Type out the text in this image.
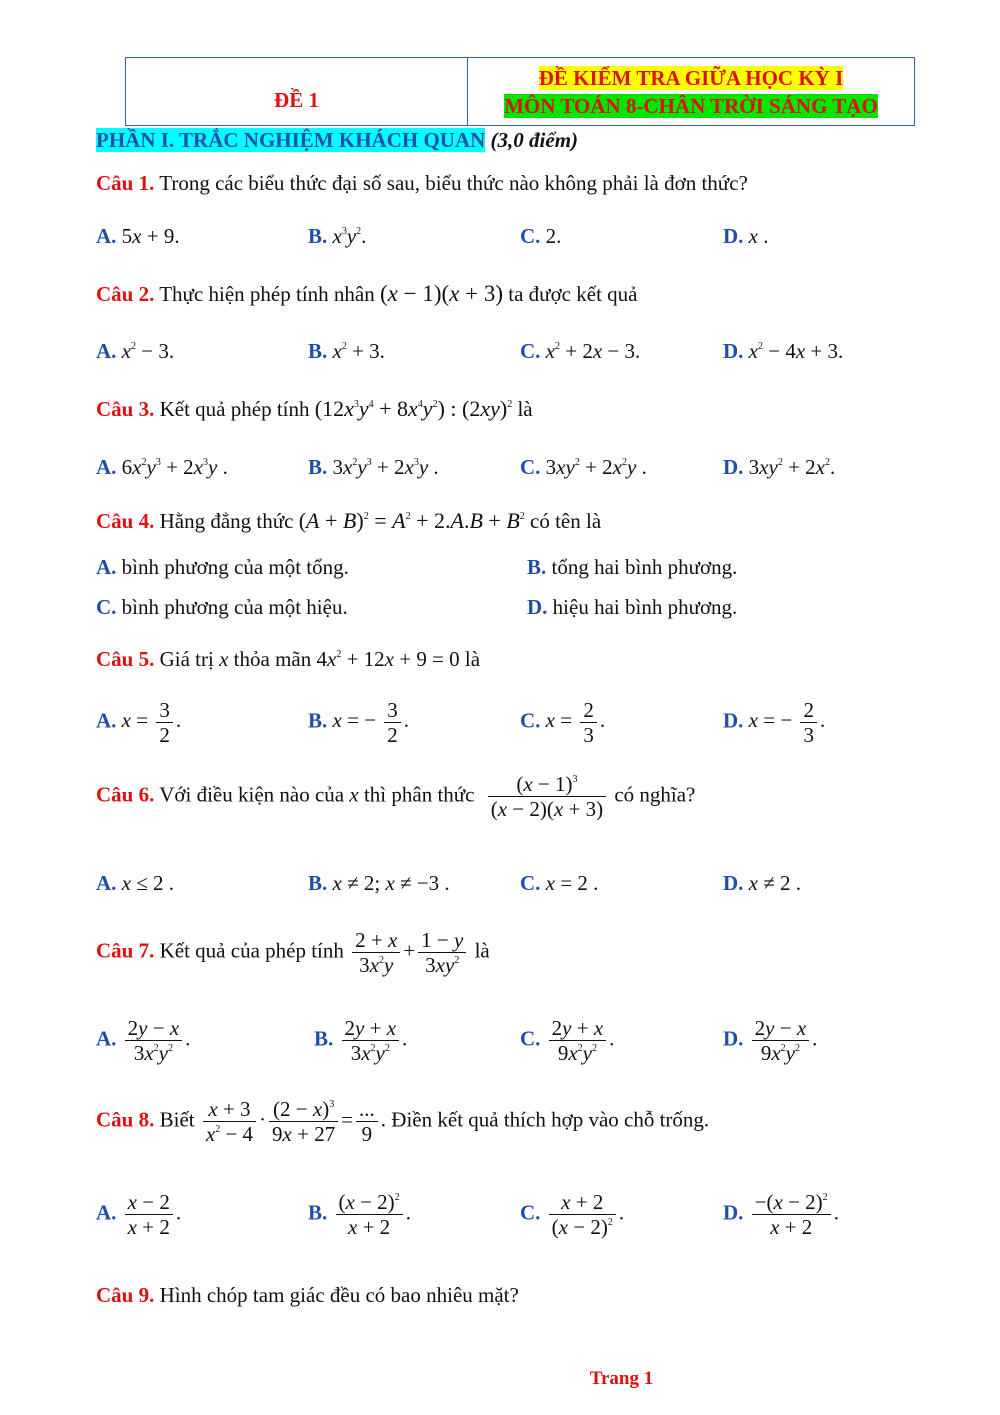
ĐỀ 1	ĐỀ KIỂM TRA GIỮA HỌC KỲ I
MÔN TOÁN 8-CHÂN TRỜI SÁNG TẠO
PHẦN I. TRẮC NGHIỆM KHÁCH QUAN (3,0 điểm)
Câu 1. Trong các biểu thức đại số sau, biểu thức nào không phải là đơn thức?
A. 5x + 9.	B. $x^3y^2$.	C. 2.	D. x .
Câu 2. Thực hiện phép tính nhân (x − 1)(x + 3) ta được kết quả
A. $x^2 - 3$.	B. $x^2 + 3$.	C. $x^2 + 2x - 3$.	D. $x^2 - 4x + 3$.
Câu 3. Kết quả phép tính $(12x^3y^4 + 8x^4y^2)$ : $(2xy)^2$ là
A. $6x^2y^3 + 2x^3y$ .	B. $3x^2y^3 + 2x^3y$ .	C. $3xy^2 + 2x^2y$ .	D. $3xy^2 + 2x^2$.
Câu 4. Hằng đẳng thức $(A + B)^2 = A^2 + 2.A.B + B^2$ có tên là
A. bình phương của một tổng.	B. tổng hai bình phương.
C. bình phương của một hiệu.	D. hiệu hai bình phương.
Câu 5. Giá trị x thỏa mãn $4x^2 + 12x + 9 = 0$ là
A. $x = \frac{3}{2}$ .	B. x = − $\frac{3}{2}$ .	C. $x = \frac{2}{3}$ .	D. x = − $\frac{2}{3}$ .
Câu 6. Với điều kiện nào của x thì phân thức $\frac{(x - 1)^3}{(x - 2)(x + 3)}$ có nghĩa?
A. x ≤ 2 .	B. x ≠ 2; x ≠ −3 .	C. x = 2 .	D. x ≠ 2 .
Câu 7. Kết quả của phép tính $\frac{2 + x}{3x^2y} + \frac{1 - y}{3xy^2}$ là
A. $\frac{2y - x}{3x^2y^2}$ .	B. $\frac{2y + x}{3x^2y^2}$ .	C. $\frac{2y + x}{9x^2y^2}$ .	D. $\frac{2y - x}{9x^2y^2}$ .
Câu 8. Biết $\frac{x + 3}{x^2 - 4} \cdot \frac{(2 - x)^3}{9x + 27} = \frac{...}{9}$ . Điền kết quả thích hợp vào chỗ trống.
A. $\frac{x - 2}{x + 2}$ .	B. $\frac{(x - 2)^2}{x + 2}$ .	C. $\frac{x + 2}{(x - 2)^2}$ .	D. $\frac{-(x - 2)^2}{x + 2}$ .
Câu 9. Hình chóp tam giác đều có bao nhiêu mặt?
Trang 1
